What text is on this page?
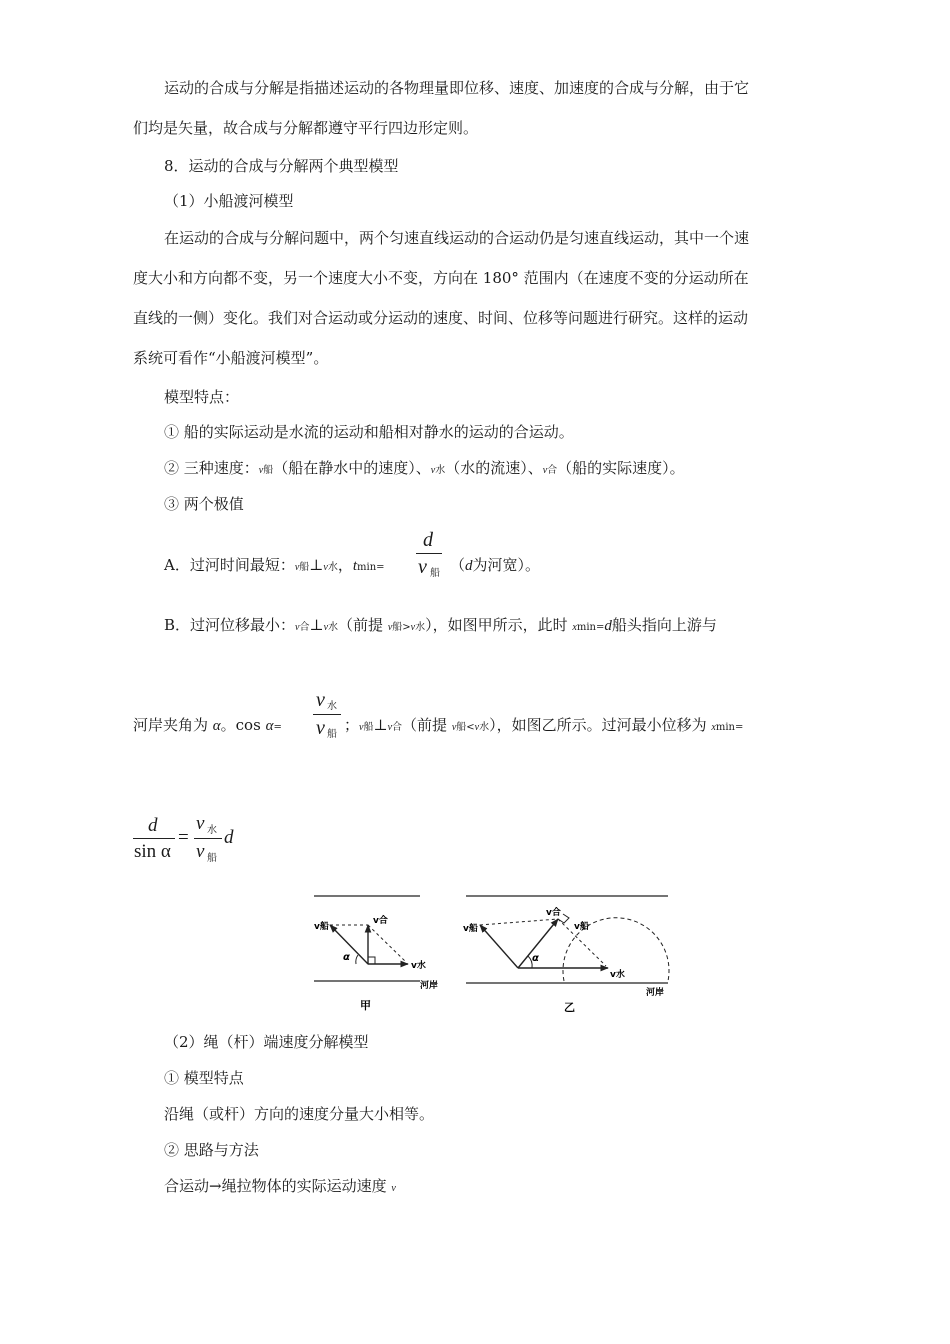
运动的合成与分解是指描述运动的各物理量即位移、速度、加速度的合成与分解，由于它
们均是矢量，故合成与分解都遵守平行四边形定则。
8．运动的合成与分解两个典型模型
（1）小船渡河模型
在运动的合成与分解问题中，两个匀速直线运动的合运动仍是匀速直线运动，其中一个速
度大小和方向都不变，另一个速度大小不变，方向在 180° 范围内（在速度不变的分运动所在
直线的一侧）变化。我们对合运动或分运动的速度、时间、位移等问题进行研究。这样的运动
系统可看作“小船渡河模型”。
模型特点：
① 船的实际运动是水流的运动和船相对静水的运动的合运动。
② 三种速度：v船（船在静水中的速度）、v水（水的流速）、v合（船的实际速度）。
③ 两个极值
A．过河时间最短：v船⊥v水，tmin=
d
v 船 （d为河宽）。
B．过河位移最小：v合⊥v水（前提 v船>v水），如图甲所示，此时 xmin=d船头指向上游与
河岸夹角为 α。cos α=
v 水
v 船
；v船⊥v合（前提 v船<v水），如图乙所示。过河最小位移为 xmin=
d
sin α
=
v 水
v 船
d
v船
v合
α
v水
河岸
甲
v船
v合
v船
α
v水
河岸
乙
（2）绳（杆）端速度分解模型
① 模型特点
沿绳（或杆）方向的速度分量大小相等。
② 思路与方法
合运动→绳拉物体的实际运动速度 v
